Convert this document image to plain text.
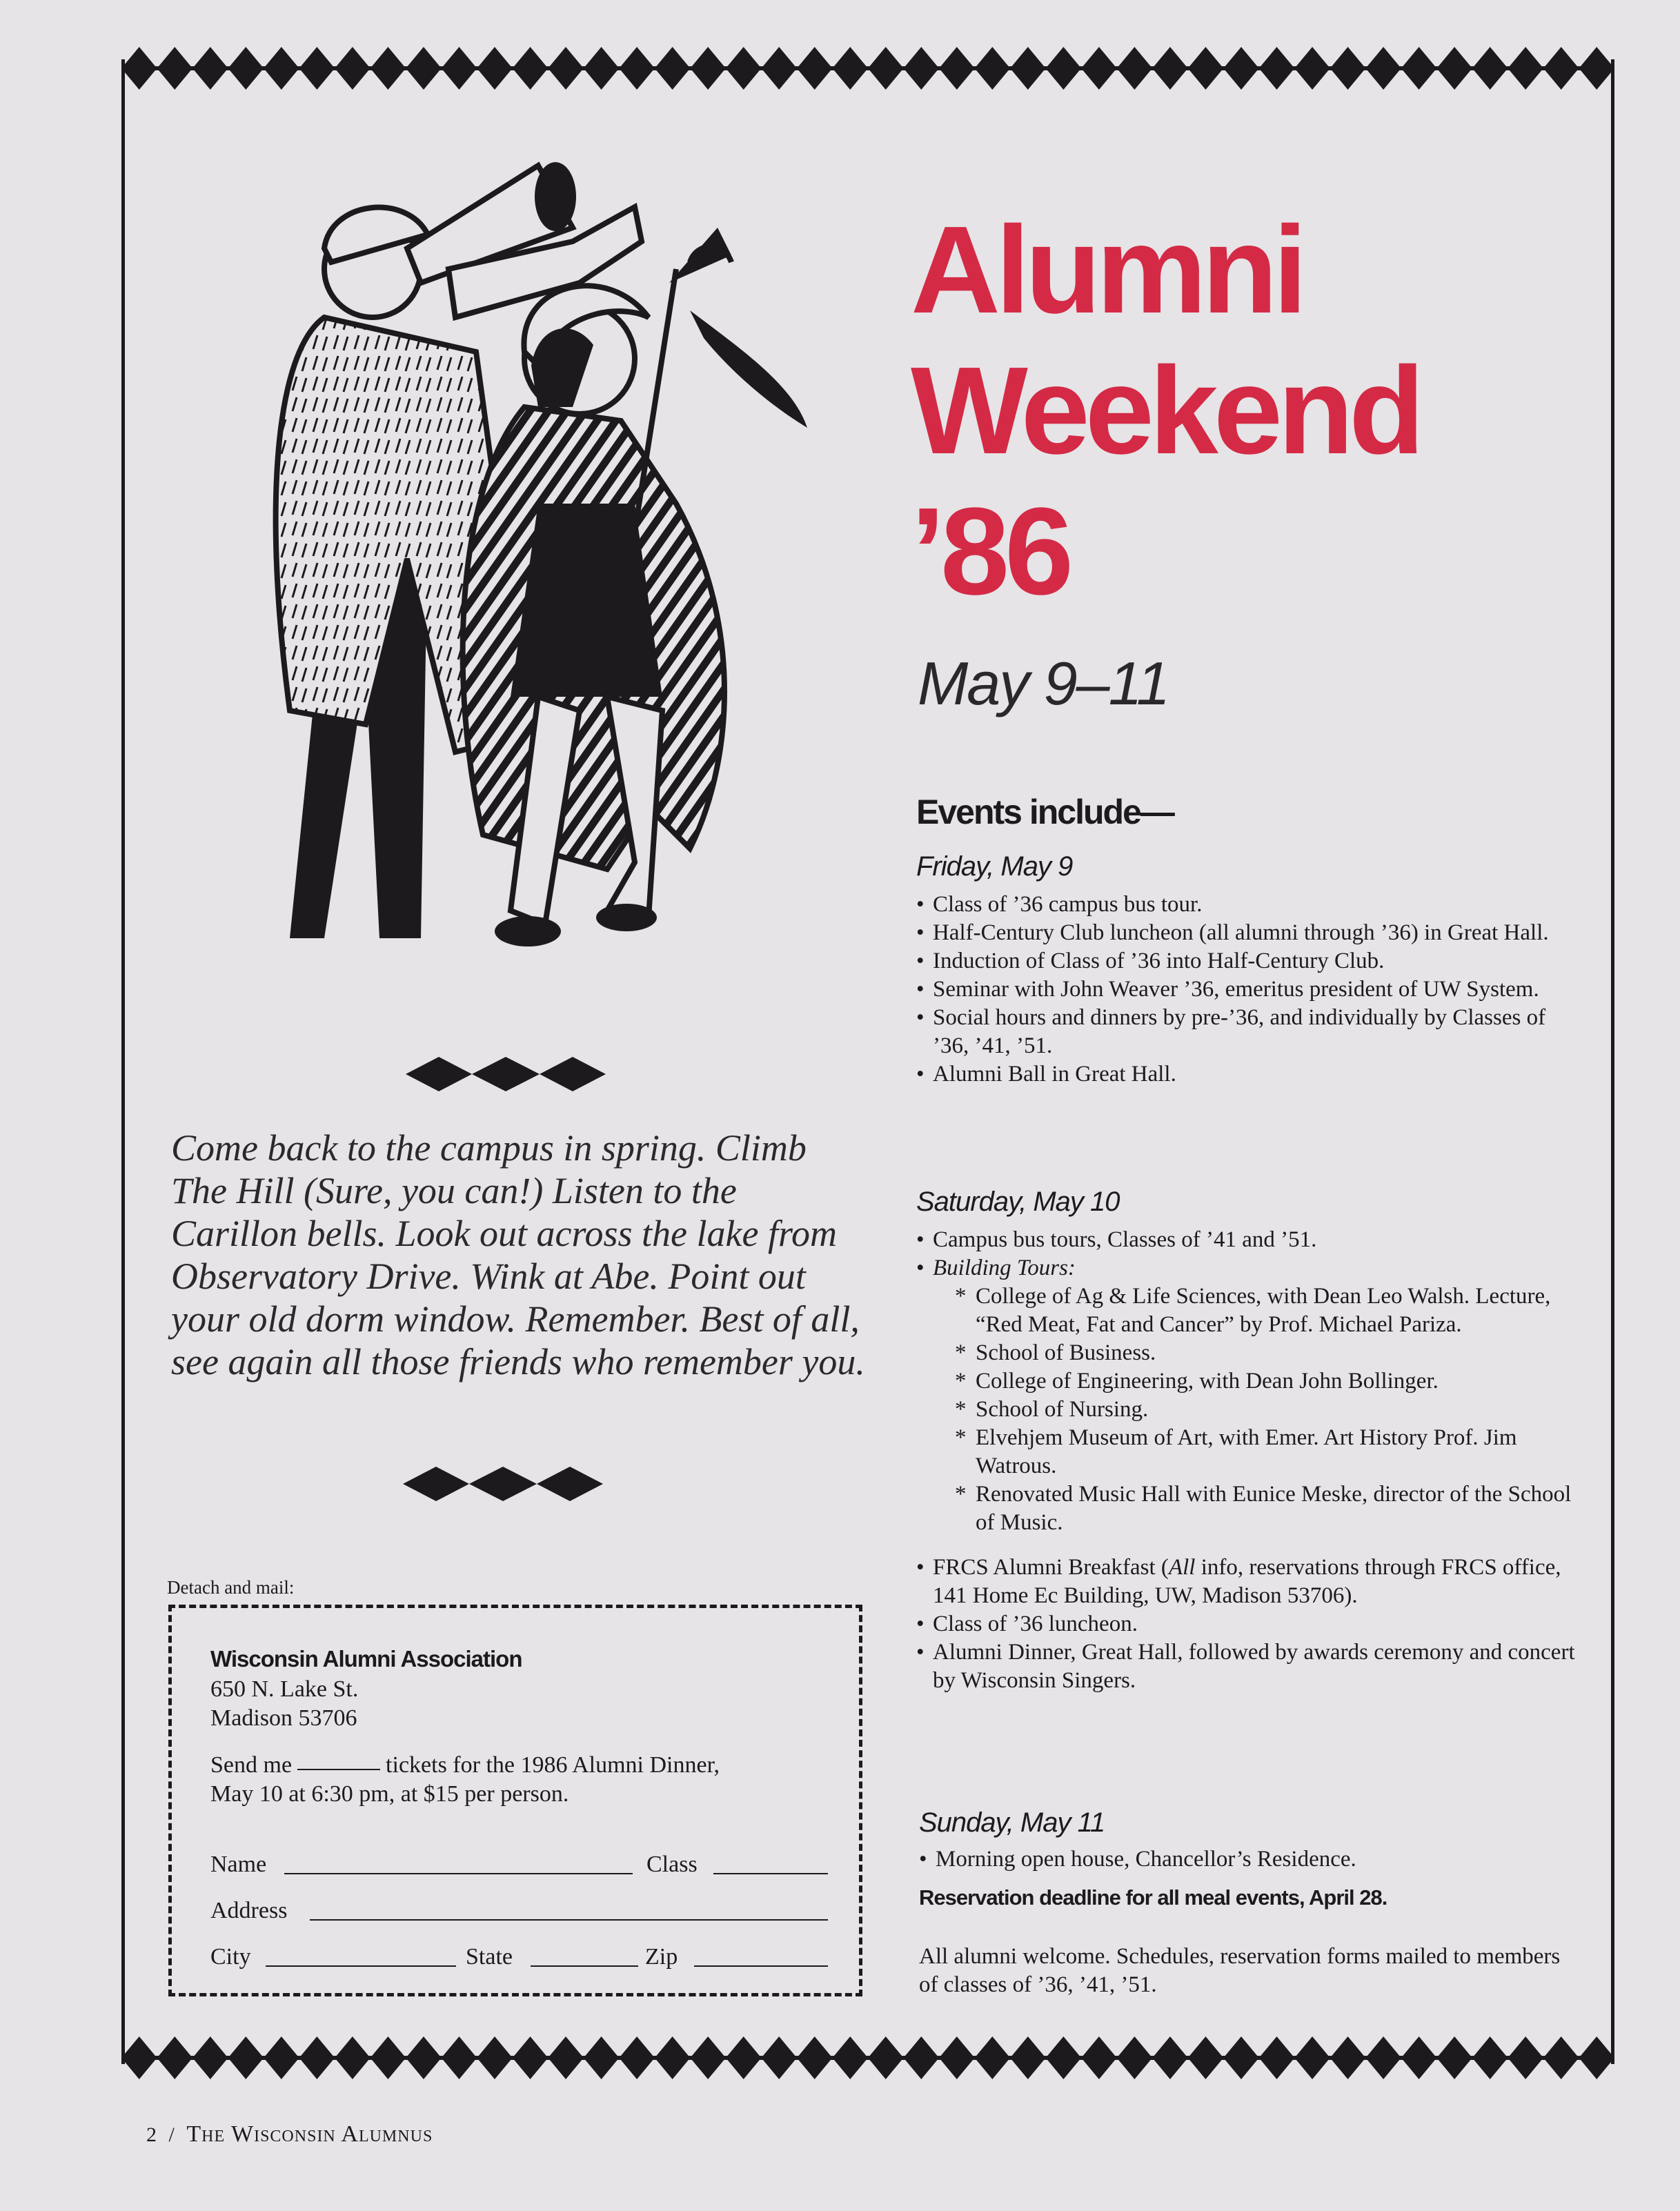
Alumni
Weekend
’86
May 9–11
Events include—
Friday, May 9
• Class of ’36 campus bus tour.
• Half-Century Club luncheon (all alumni through ’36) in Great Hall.
• Induction of Class of ’36 into Half-Century Club.
• Seminar with John Weaver ’36, emeritus president of UW System.
• Social hours and dinners by pre-’36, and individually by Classes of ’36, ’41, ’51.
• Alumni Ball in Great Hall.
Saturday, May 10
• Campus bus tours, Classes of ’41 and ’51.
• Building Tours:
* College of Ag & Life Sciences, with Dean Leo Walsh. Lecture, “Red Meat, Fat and Cancer” by Prof. Michael Pariza.
* School of Business.
* College of Engineering, with Dean John Bollinger.
* School of Nursing.
* Elvehjem Museum of Art, with Emer. Art History Prof. Jim Watrous.
* Renovated Music Hall with Eunice Meske, director of the School of Music.
• FRCS Alumni Breakfast (All info, reservations through FRCS office, 141 Home Ec Building, UW, Madison 53706).
• Class of ’36 luncheon.
• Alumni Dinner, Great Hall, followed by awards ceremony and concert by Wisconsin Singers.
Sunday, May 11
• Morning open house, Chancellor’s Residence.
Reservation deadline for all meal events, April 28.
All alumni welcome. Schedules, reservation forms mailed to members of classes of ’36, ’41, ’51.
Come back to the campus in spring. Climb The Hill (Sure, you can!) Listen to the Carillon bells. Look out across the lake from Observatory Drive. Wink at Abe. Point out your old dorm window. Remember. Best of all, see again all those friends who remember you.
Detach and mail:
Wisconsin Alumni Association
650 N. Lake St.
Madison 53706
Send me	tickets for the 1986 Alumni Dinner,
May 10 at 6:30 pm, at $15 per person.
Name	Class
Address
City	State	Zip
2 / The Wisconsin Alumnus
